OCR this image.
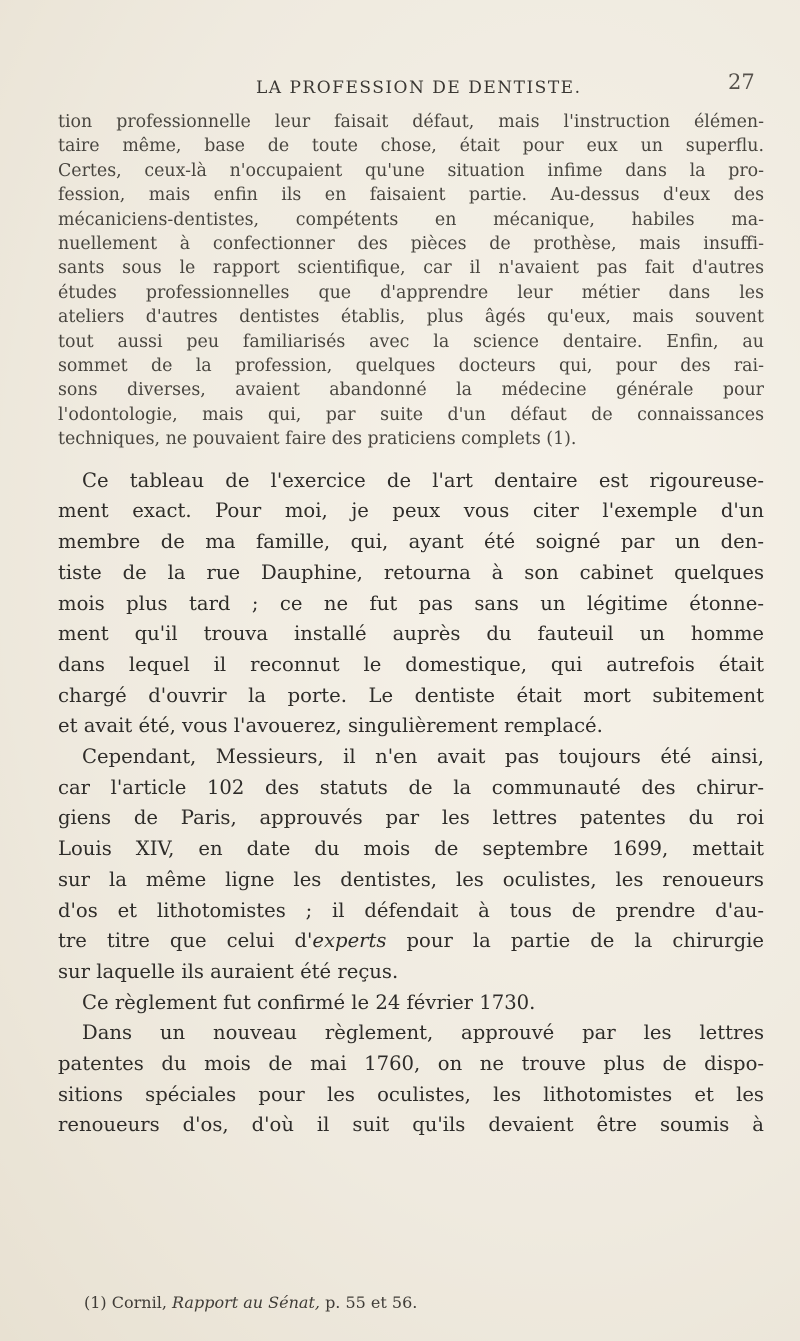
LA PROFESSION DE DENTISTE.	27

tion professionnelle leur faisait défaut, mais l'instruction élémen-
taire même, base de toute chose, était pour eux un superflu.
Certes, ceux-là n'occupaient qu'une situation infime dans la pro-
fession, mais enfin ils en faisaient partie. Au-dessus d'eux des
mécaniciens-dentistes, compétents en mécanique, habiles ma-
nuellement à confectionner des pièces de prothèse, mais insuffi-
sants sous le rapport scientifique, car il n'avaient pas fait d'autres
études professionnelles que d'apprendre leur métier dans les
ateliers d'autres dentistes établis, plus âgés qu'eux, mais souvent
tout aussi peu familiarisés avec la science dentaire. Enfin, au
sommet de la profession, quelques docteurs qui, pour des rai-
sons diverses, avaient abandonné la médecine générale pour
l'odontologie, mais qui, par suite d'un défaut de connaissances
techniques, ne pouvaient faire des praticiens complets (1).

Ce tableau de l'exercice de l'art dentaire est rigoureuse-
ment exact. Pour moi, je peux vous citer l'exemple d'un
membre de ma famille, qui, ayant été soigné par un den-
tiste de la rue Dauphine, retourna à son cabinet quelques
mois plus tard ; ce ne fut pas sans un légitime étonne-
ment qu'il trouva installé auprès du fauteuil un homme
dans lequel il reconnut le domestique, qui autrefois était
chargé d'ouvrir la porte. Le dentiste était mort subitement
et avait été, vous l'avouerez, singulièrement remplacé.

Cependant, Messieurs, il n'en avait pas toujours été ainsi,
car l'article 102 des statuts de la communauté des chirur-
giens de Paris, approuvés par les lettres patentes du roi
Louis XIV, en date du mois de septembre 1699, mettait
sur la même ligne les dentistes, les oculistes, les renoueurs
d'os et lithotomistes ; il défendait à tous de prendre d'au-
tre titre que celui d'experts pour la partie de la chirurgie
sur laquelle ils auraient été reçus.

Ce règlement fut confirmé le 24 février 1730.

Dans un nouveau règlement, approuvé par les lettres
patentes du mois de mai 1760, on ne trouve plus de dispo-
sitions spéciales pour les oculistes, les lithotomistes et les
renoueurs d'os, d'où il suit qu'ils devaient être soumis à

(1) Cornil, Rapport au Sénat, p. 55 et 56.
